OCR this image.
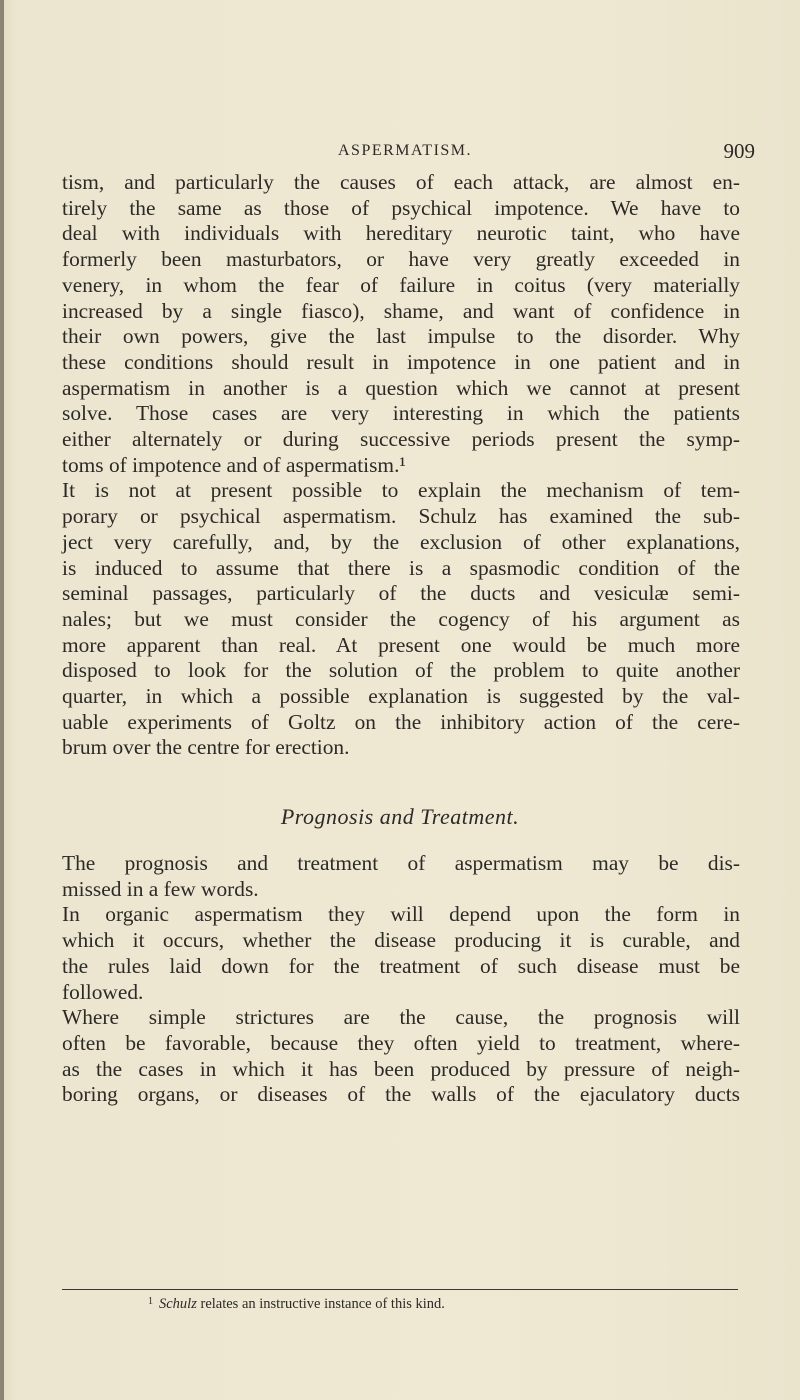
ASPERMATISM.	909
tism, and particularly the causes of each attack, are almost en-
tirely the same as those of psychical impotence. We have to
deal with individuals with hereditary neurotic taint, who have
formerly been masturbators, or have very greatly exceeded in
venery, in whom the fear of failure in coitus (very materially
increased by a single fiasco), shame, and want of confidence in
their own powers, give the last impulse to the disorder. Why
these conditions should result in impotence in one patient and in
aspermatism in another is a question which we cannot at present
solve. Those cases are very interesting in which the patients
either alternately or during successive periods present the symp-
toms of impotence and of aspermatism.¹
It is not at present possible to explain the mechanism of tem-
porary or psychical aspermatism. Schulz has examined the sub-
ject very carefully, and, by the exclusion of other explanations,
is induced to assume that there is a spasmodic condition of the
seminal passages, particularly of the ducts and vesiculæ semi-
nales; but we must consider the cogency of his argument as
more apparent than real. At present one would be much more
disposed to look for the solution of the problem to quite another
quarter, in which a possible explanation is suggested by the val-
uable experiments of Goltz on the inhibitory action of the cere-
brum over the centre for erection.
Prognosis and Treatment.
The prognosis and treatment of aspermatism may be dis-
missed in a few words.
In organic aspermatism they will depend upon the form in
which it occurs, whether the disease producing it is curable, and
the rules laid down for the treatment of such disease must be
followed.
Where simple strictures are the cause, the prognosis will
often be favorable, because they often yield to treatment, where-
as the cases in which it has been produced by pressure of neigh-
boring organs, or diseases of the walls of the ejaculatory ducts
$^1$ Schulz relates an instructive instance of this kind.
